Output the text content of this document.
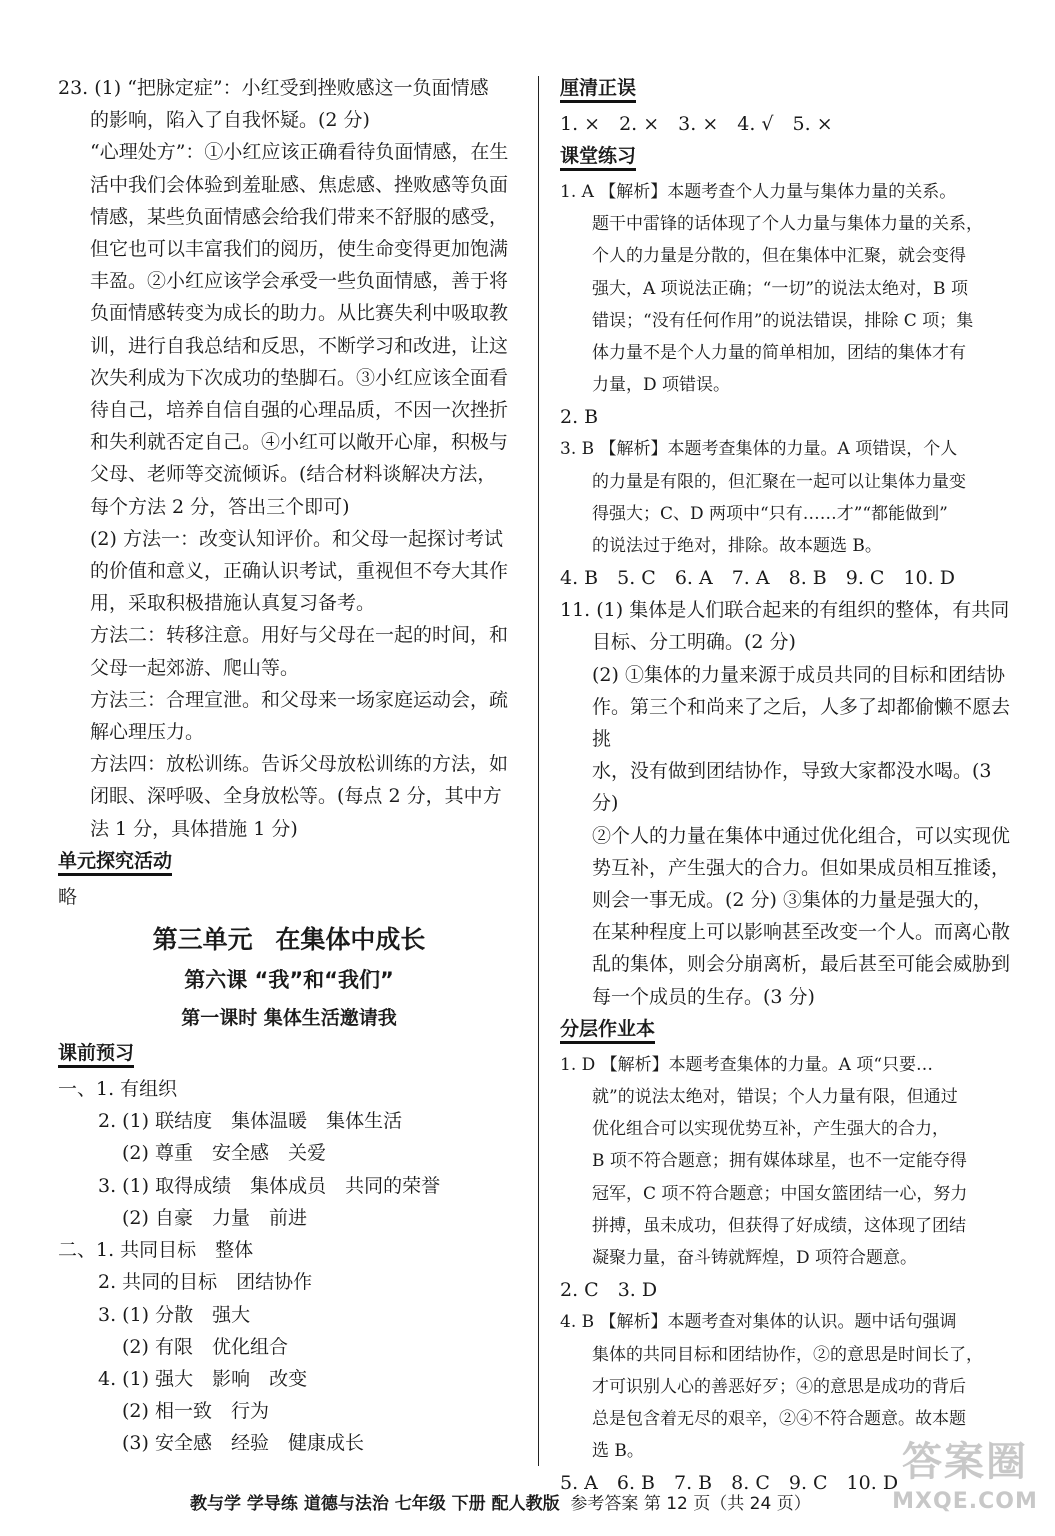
23. (1) “把脉定症”：小红受到挫败感这一负面情感

的影响，陷入了自我怀疑。(2 分)

“心理处方”：①小红应该正确看待负面情感，在生

活中我们会体验到羞耻感、焦虑感、挫败感等负面

情感，某些负面情感会给我们带来不舒服的感受，

但它也可以丰富我们的阅历，使生命变得更加饱满

丰盈。②小红应该学会承受一些负面情感，善于将

负面情感转变为成长的助力。从比赛失利中吸取教

训，进行自我总结和反思，不断学习和改进，让这

次失利成为下次成功的垫脚石。③小红应该全面看

待自己，培养自信自强的心理品质，不因一次挫折

和失利就否定自己。④小红可以敞开心扉，积极与

父母、老师等交流倾诉。(结合材料谈解决方法，

每个方法 2 分，答出三个即可)

(2) 方法一：改变认知评价。和父母一起探讨考试

的价值和意义，正确认识考试，重视但不夸大其作

用，采取积极措施认真复习备考。

方法二：转移注意。用好与父母在一起的时间，和

父母一起郊游、爬山等。

方法三：合理宣泄。和父母来一场家庭运动会，疏

解心理压力。

方法四：放松训练。告诉父母放松训练的方法，如

闭眼、深呼吸、全身放松等。(每点 2 分，其中方

法 1 分，具体措施 1 分)

单元探究活动

略

第三单元 在集体中成长

第六课 “我”和“我们”

第一课时 集体生活邀请我

课前预习

一、1. 有组织

2. (1) 联结度　集体温暖　集体生活

(2) 尊重　安全感　关爱

3. (1) 取得成绩　集体成员　共同的荣誉

(2) 自豪　力量　前进

二、1. 共同目标　整体

2. 共同的目标　团结协作

3. (1) 分散　强大

(2) 有限　优化组合

4. (1) 强大　影响　改变

(2) 相一致　行为

(3) 安全感　经验　健康成长

厘清正误

1. ×　2. ×　3. ×　4. √　5. ×

课堂练习

1. A 【解析】本题考查个人力量与集体力量的关系。

题干中雷锋的话体现了个人力量与集体力量的关系，

个人的力量是分散的，但在集体中汇聚，就会变得

强大，A 项说法正确；“一切”的说法太绝对，B 项

错误；“没有任何作用”的说法错误，排除 C 项；集

体力量不是个人力量的简单相加，团结的集体才有

力量，D 项错误。

2. B

3. B 【解析】本题考查集体的力量。A 项错误，个人

的力量是有限的，但汇聚在一起可以让集体力量变

得强大；C、D 两项中“只有……才”“都能做到”

的说法过于绝对，排除。故本题选 B。

4. B　5. C　6. A　7. A　8. B　9. C　10. D

11. (1) 集体是人们联合起来的有组织的整体，有共同

目标、分工明确。(2 分)

(2) ①集体的力量来源于成员共同的目标和团结协

作。第三个和尚来了之后，人多了却都偷懒不愿去挑

水，没有做到团结协作，导致大家都没水喝。(3 分)

②个人的力量在集体中通过优化组合，可以实现优

势互补，产生强大的合力。但如果成员相互推诿，

则会一事无成。(2 分) ③集体的力量是强大的，

在某种程度上可以影响甚至改变一个人。而离心散

乱的集体，则会分崩离析，最后甚至可能会威胁到

每一个成员的生存。(3 分)

分层作业本

1. D 【解析】本题考查集体的力量。A 项“只要…

就”的说法太绝对，错误；个人力量有限，但通过

优化组合可以实现优势互补，产生强大的合力，

B 项不符合题意；拥有媒体球星，也不一定能夺得

冠军，C 项不符合题意；中国女篮团结一心，努力

拼搏，虽未成功，但获得了好成绩，这体现了团结

凝聚力量，奋斗铸就辉煌，D 项符合题意。

2. C　3. D

4. B 【解析】本题考查对集体的认识。题中话句强调

集体的共同目标和团结协作，②的意思是时间长了，

才可识别人心的善恶好歹；④的意思是成功的背后

总是包含着无尽的艰辛，②④不符合题意。故本题

选 B。

5. A　6. B　7. B　8. C　9. C　10. D

教与学 学导练 道德与法治 七年级 下册 配人教版 参考答案 第 12 页（共 24 页）
答案圈
MXQE.COM
